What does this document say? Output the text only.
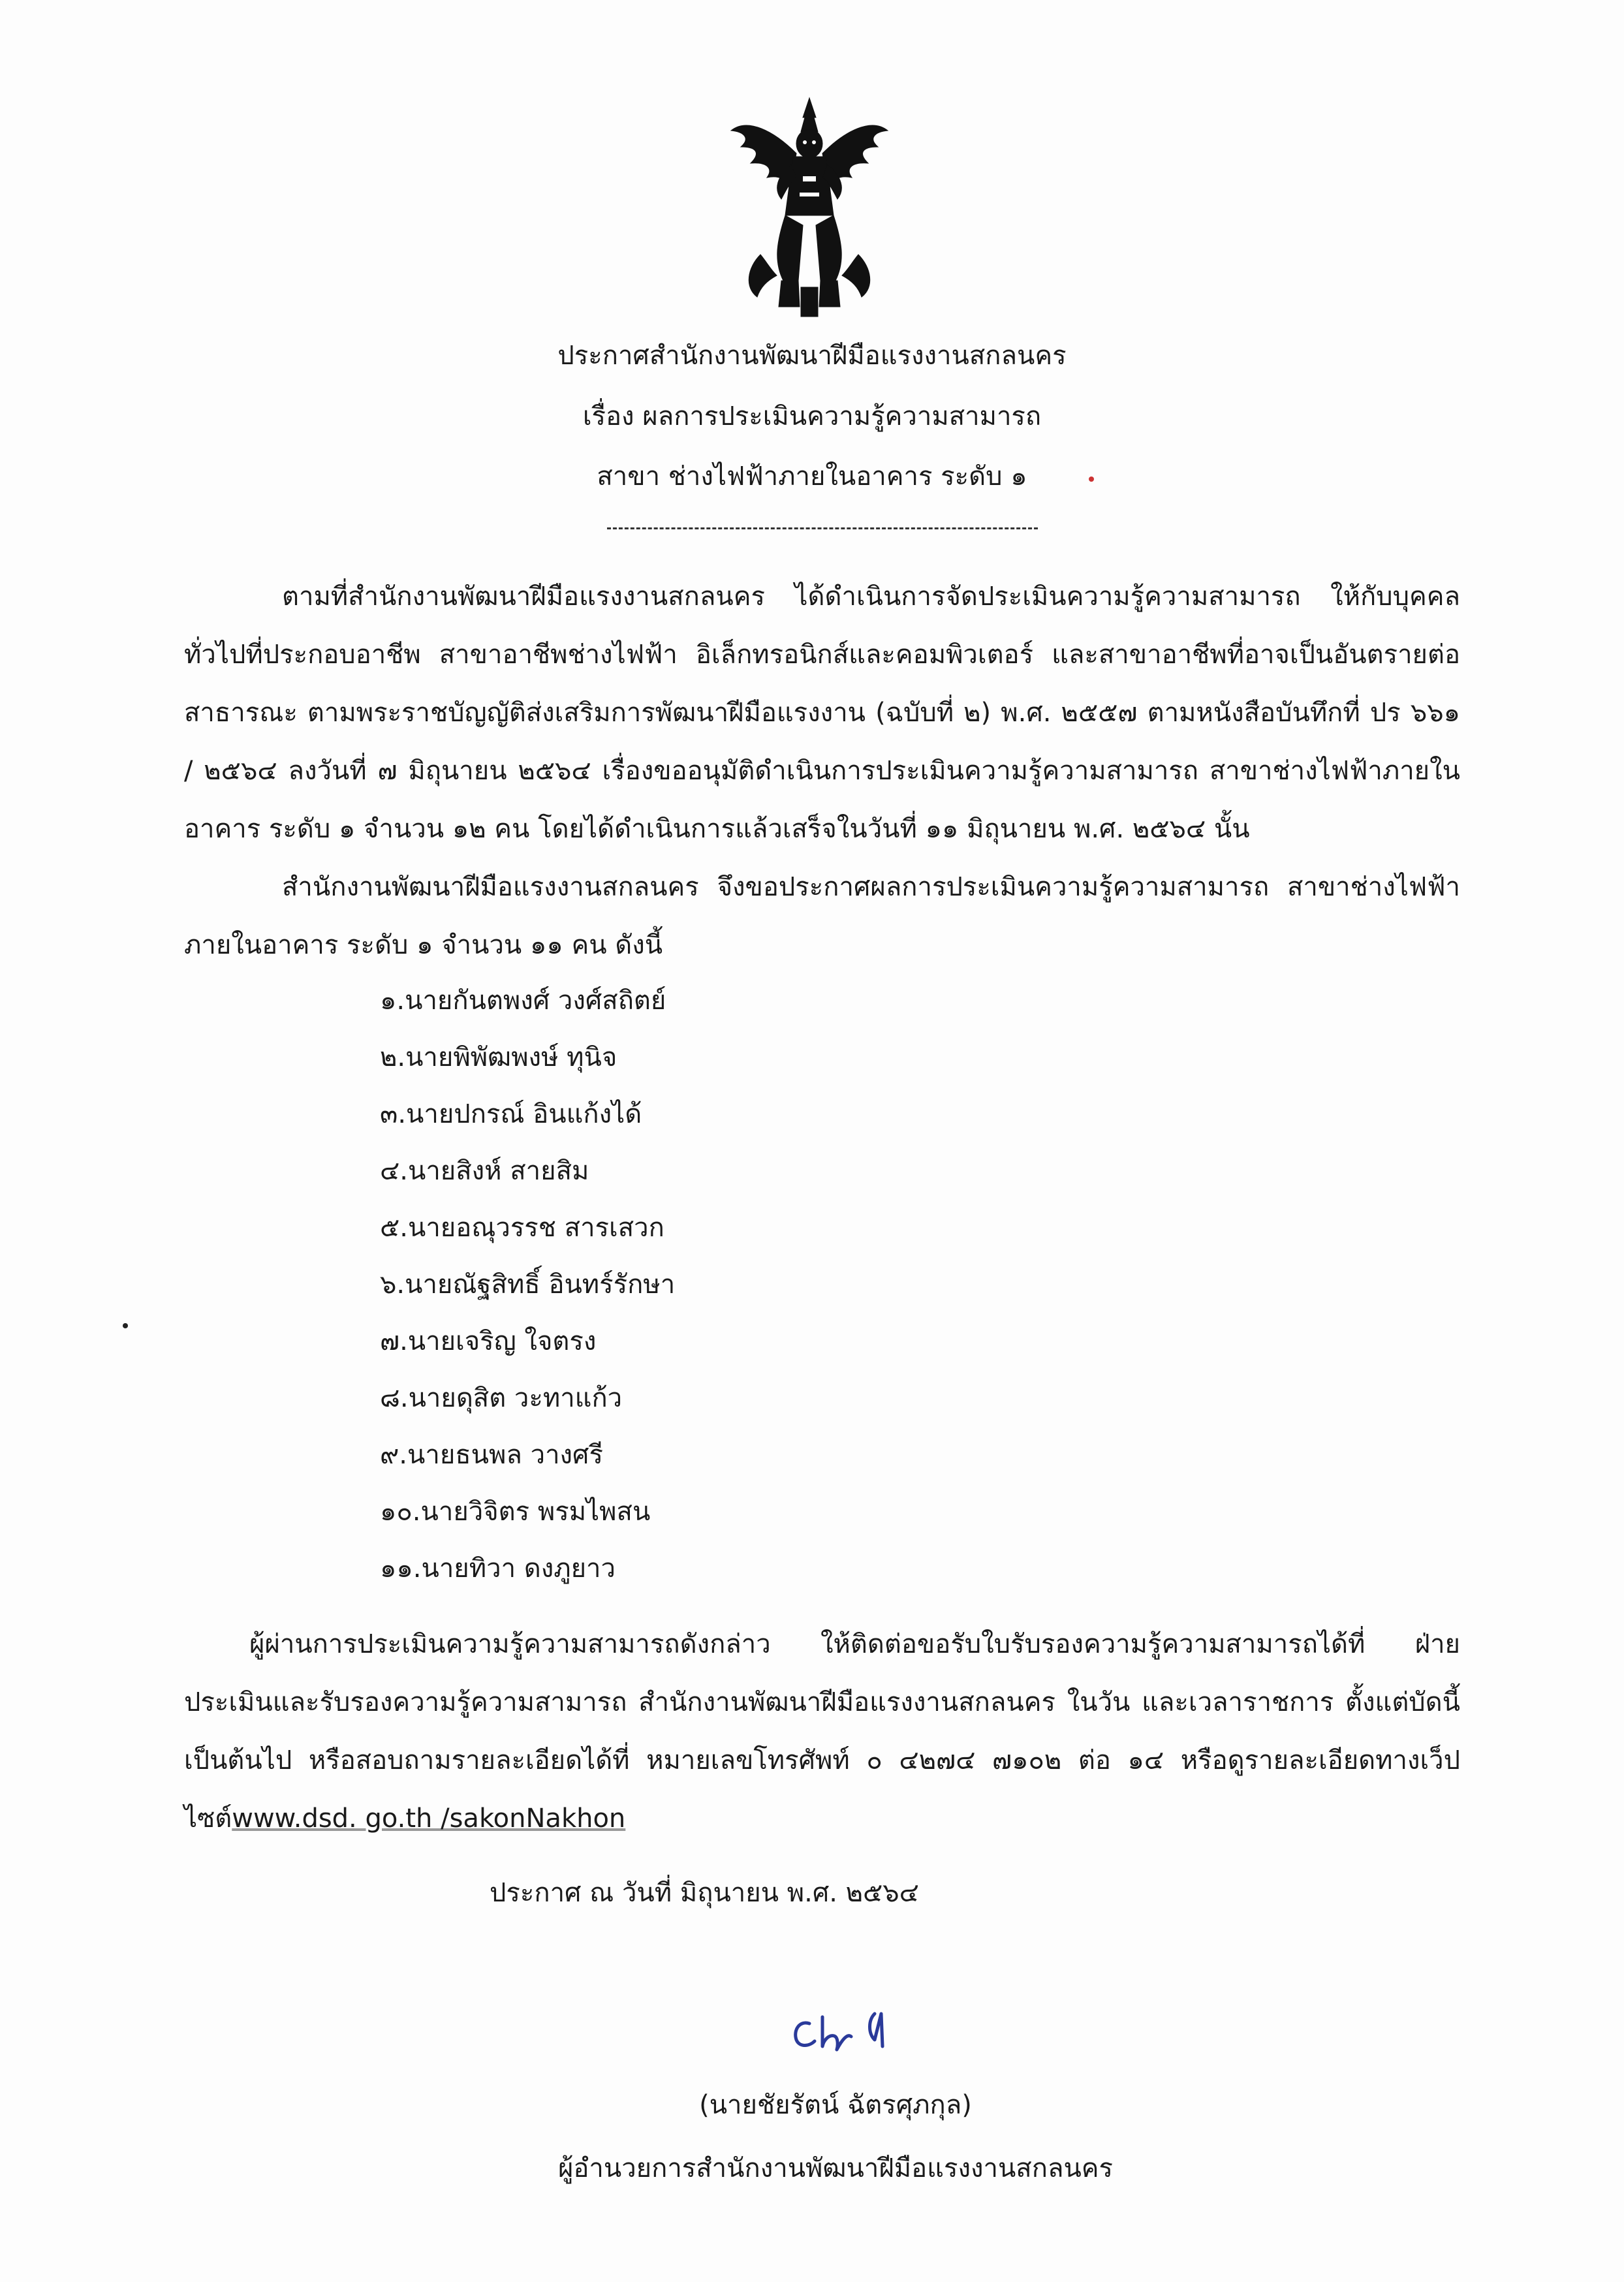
ประกาศสำนักงานพัฒนาฝีมือแรงงานสกลนคร
เรื่อง ผลการประเมินความรู้ความสามารถ
สาขา ช่างไฟฟ้าภายในอาคาร ระดับ ๑
ตามที่สำนักงานพัฒนาฝีมือแรงงานสกลนคร ได้ดำเนินการจัดประเมินความรู้ความสามารถ ให้กับบุคคลทั่วไปที่ประกอบอาชีพ สาขาอาชีพช่างไฟฟ้า อิเล็กทรอนิกส์และคอมพิวเตอร์ และสาขาอาชีพที่อาจเป็นอันตรายต่อสาธารณะ ตามพระราชบัญญัติส่งเสริมการพัฒนาฝีมือแรงงาน (ฉบับที่ ๒) พ.ศ. ๒๕๕๗ ตามหนังสือบันทึกที่ ปร ๖๖๑ / ๒๕๖๔ ลงวันที่ ๗ มิถุนายน ๒๕๖๔ เรื่องขออนุมัติดำเนินการประเมินความรู้ความสามารถ สาขาช่างไฟฟ้าภายในอาคาร ระดับ ๑ จำนวน ๑๒ คน โดยได้ดำเนินการแล้วเสร็จในวันที่ ๑๑ มิถุนายน พ.ศ. ๒๕๖๔ นั้น
สำนักงานพัฒนาฝีมือแรงงานสกลนคร จึงขอประกาศผลการประเมินความรู้ความสามารถ สาขาช่างไฟฟ้าภายในอาคาร ระดับ ๑ จำนวน ๑๑ คน ดังนี้
๑.นายกันตพงศ์ วงศ์สถิตย์
๒.นายพิพัฒพงษ์ ทุนิจ
๓.นายปกรณ์ อินแก้งได้
๔.นายสิงห์ สายสิม
๕.นายอณุวรรช สารเสวก
๖.นายณัฐสิทธิ์ อินทร์รักษา
๗.นายเจริญ ใจตรง
๘.นายดุสิต วะทาแก้ว
๙.นายธนพล วางศรี
๑๐.นายวิจิตร พรมไพสน
๑๑.นายทิวา ดงภูยาว
ผู้ผ่านการประเมินความรู้ความสามารถดังกล่าว ให้ติดต่อขอรับใบรับรองความรู้ความสามารถได้ที่ ฝ่ายประเมินและรับรองความรู้ความสามารถ สำนักงานพัฒนาฝีมือแรงงานสกลนคร ในวัน และเวลาราชการ ตั้งแต่บัดนี้เป็นต้นไป หรือสอบถามรายละเอียดได้ที่ หมายเลขโทรศัพท์ ๐ ๔๒๗๔ ๗๑๐๒ ต่อ ๑๔ หรือดูรายละเอียดทางเว็ปไซต์www.dsd. go.th /sakonNakhon
ประกาศ ณ วันที่ มิถุนายน พ.ศ. ๒๕๖๔
(นายชัยรัตน์ ฉัตรศุภกุล)
ผู้อำนวยการสำนักงานพัฒนาฝีมือแรงงานสกลนคร
